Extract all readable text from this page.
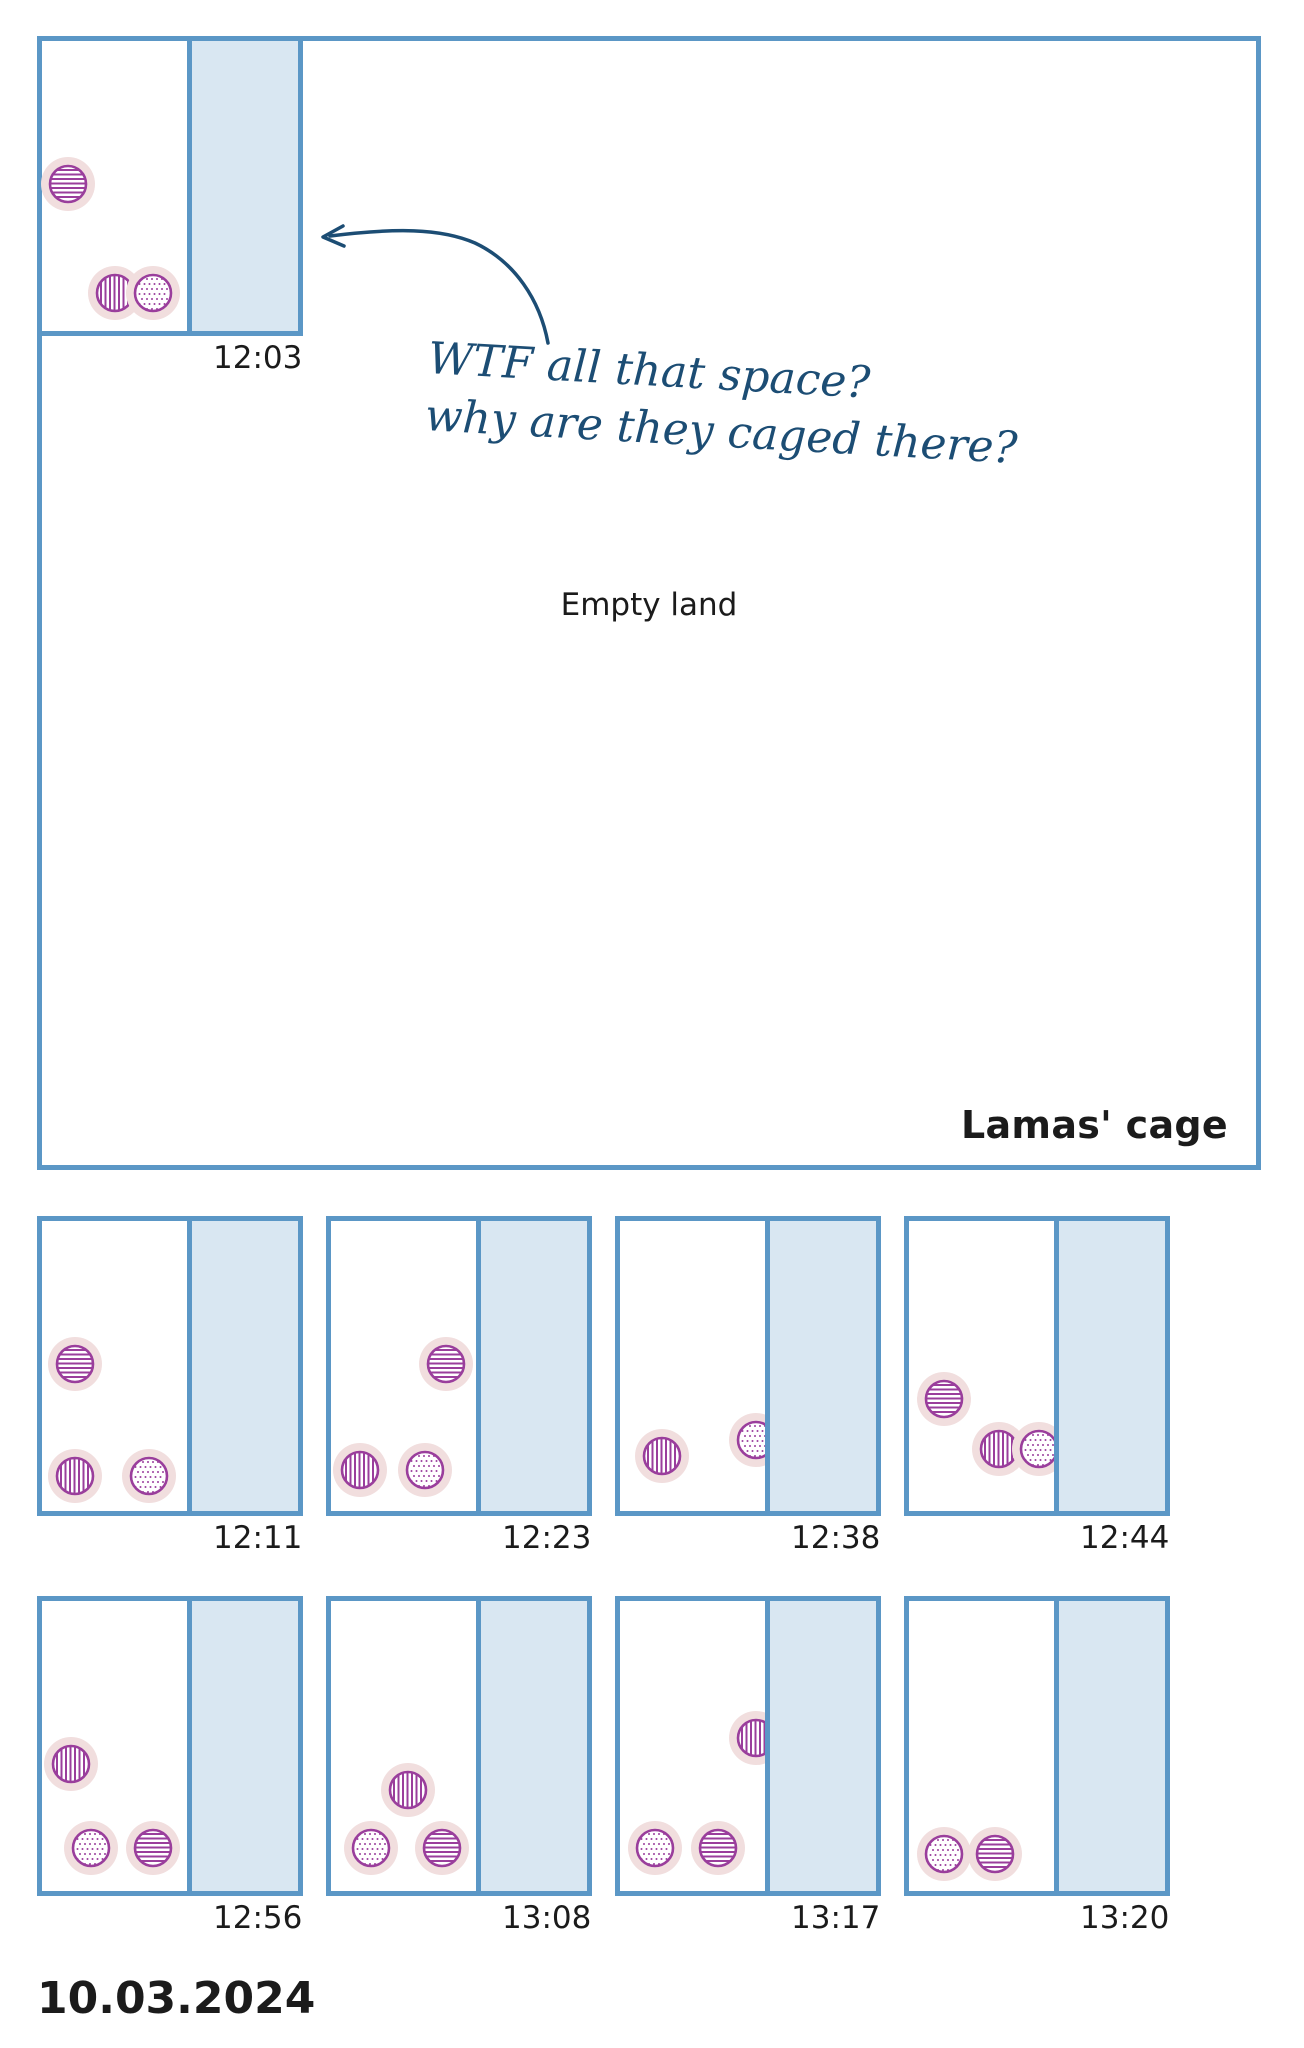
Empty land
Lamas' cage
WTF all that space?
why are they caged there?
12:03
12:11	12:23	12:38	12:44
12:56	13:08	13:17	13:20
10.03.2024
